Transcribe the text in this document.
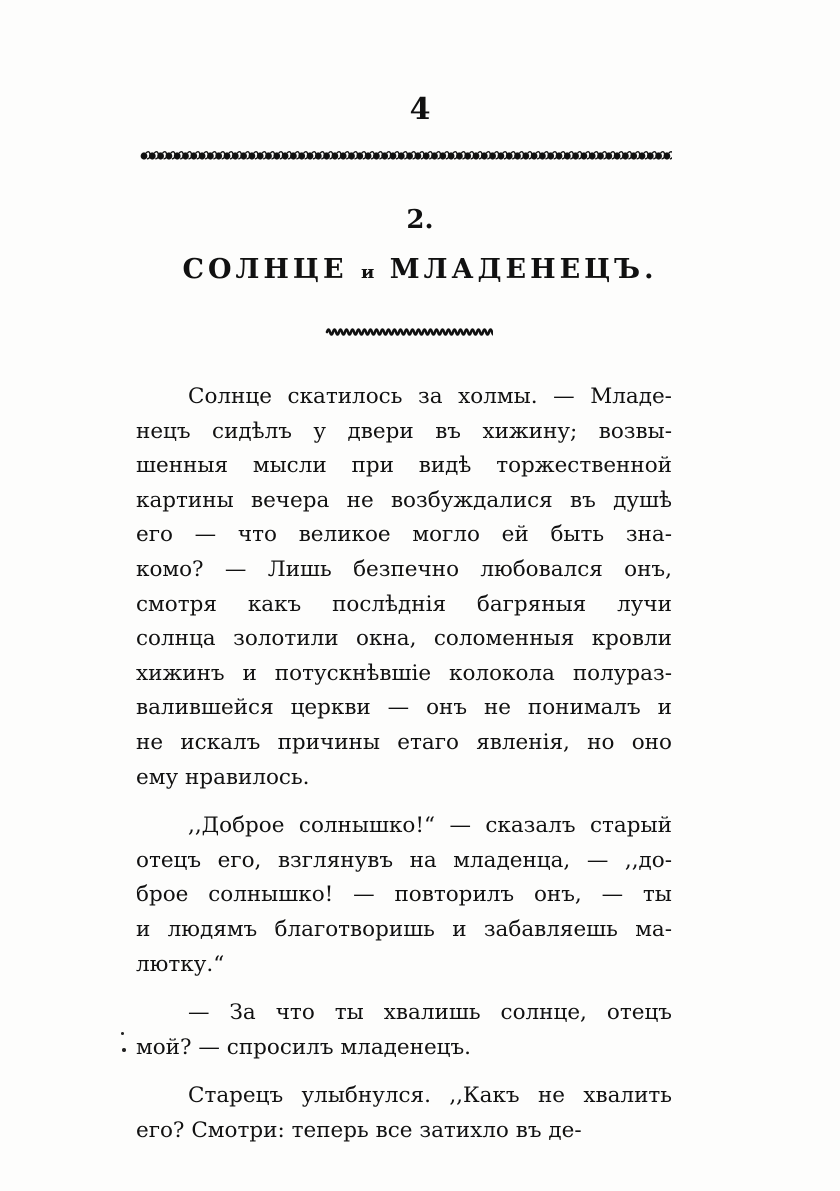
4
2.
СОЛНЦЕ и МЛАДЕНЕЦЪ.
Солнце скатилось за холмы. — Младе-
нецъ сидѣлъ у двери въ хижину; возвы-
шенныя мысли при видѣ торжественной
картины вечера не возбуждалися въ душѣ
его — что великое могло ей быть зна-
комо? — Лишь безпечно любовался онъ,
смотря какъ послѣднія багряныя лучи
солнца золотили окна, соломенныя кровли
хижинъ и потускнѣвшіе колокола полураз-
валившейся церкви — онъ не понималъ и
не искалъ причины етаго явленія, но оно
ему нравилось.
,,Доброе солнышко!“ — сказалъ старый
отецъ его, взглянувъ на младенца, — ,,до-
брое солнышко! — повторилъ онъ, — ты
и людямъ благотворишь и забавляешь ма-
лютку.“
— За что ты хвалишь солнце, отецъ
мой? — спросилъ младенецъ.
Старецъ улыбнулся. ,,Какъ не хвалить
его? Смотри: теперь все затихло въ де-
